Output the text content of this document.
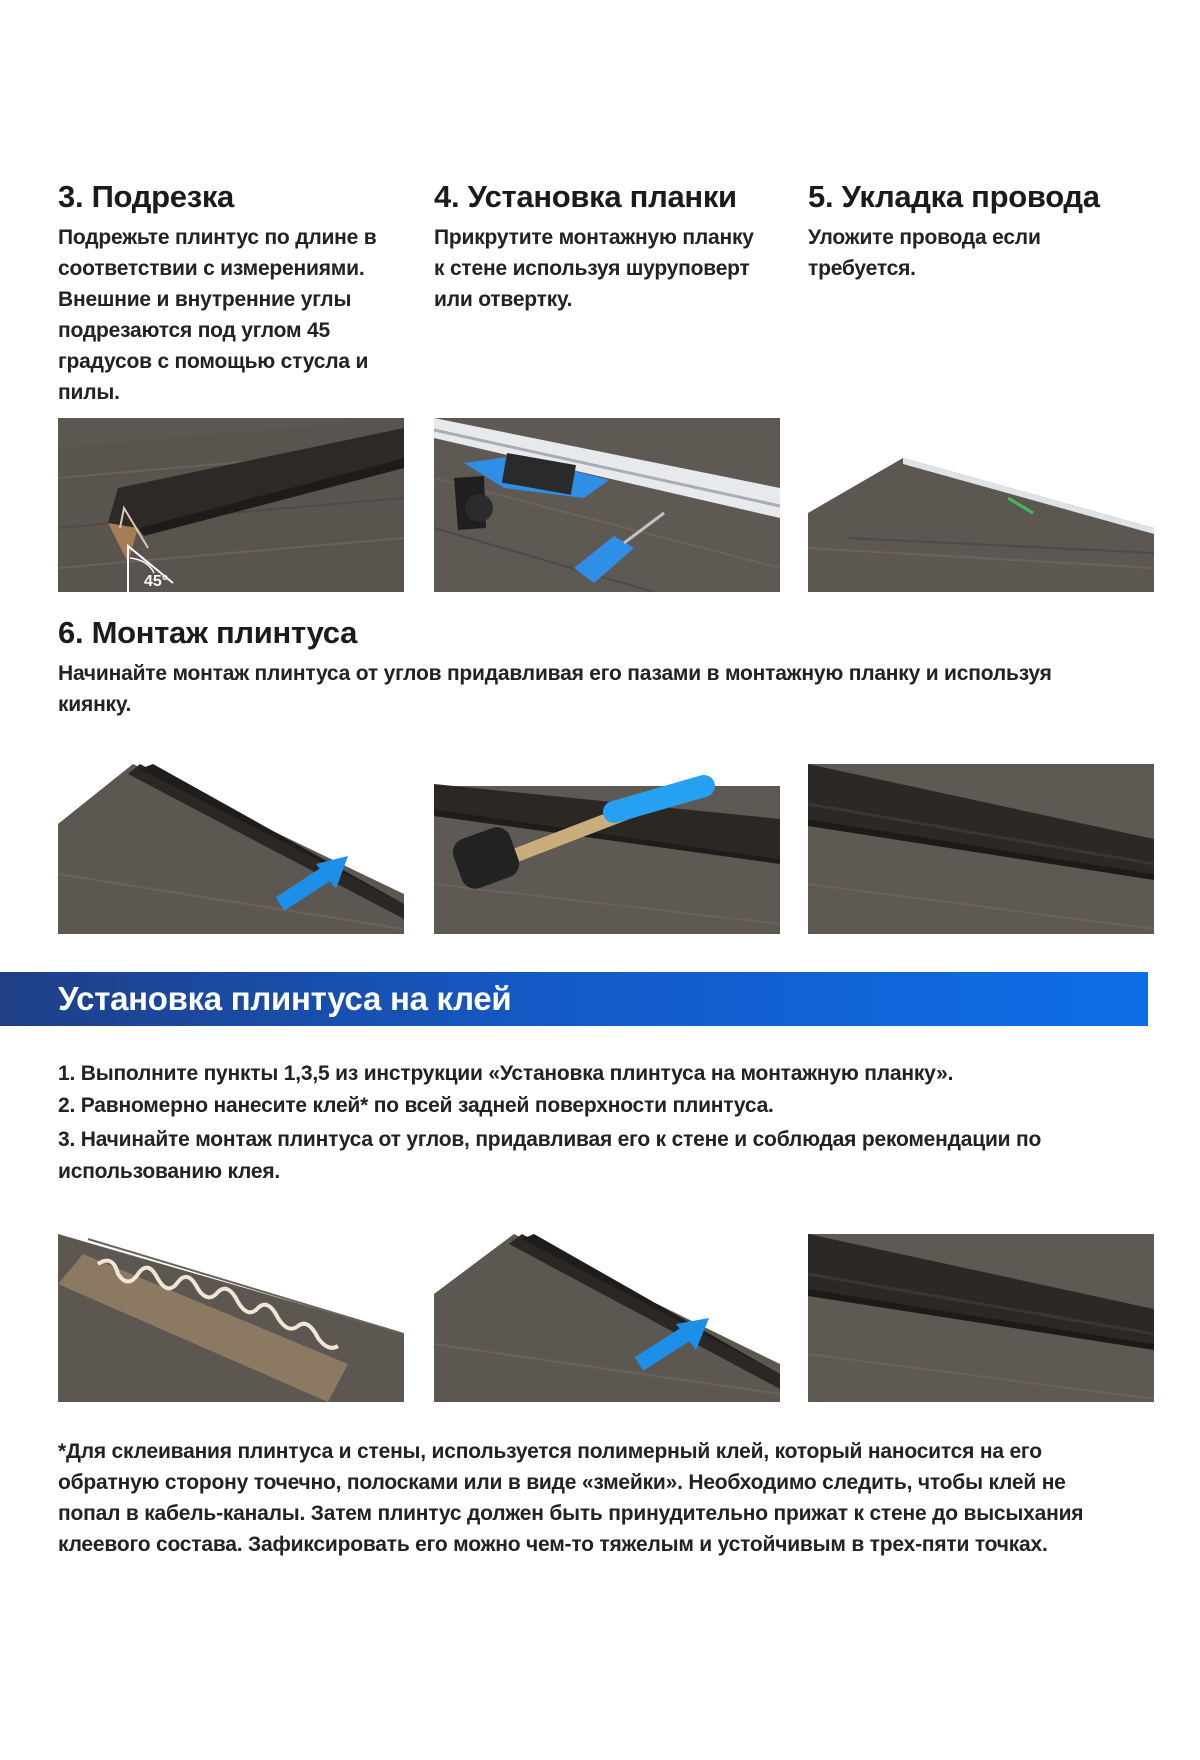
3. Подрезка

Подрежьте плинтус по длине в соответствии с измерениями. Внешние и внутренние углы подрезаются под углом 45 градусов с помощью стусла и пилы.

4. Установка планки

Прикрутите монтажную планку к стене используя шуруповерт или отвертку.

5. Укладка провода

Уложите провода если требуется.

45°
6. Монтаж плинтуса

Начинайте монтаж плинтуса от углов придавливая его пазами в монтажную планку и используя киянку.

Установка плинтуса на клей

1. Выполните пункты 1,3,5 из инструкции «Установка плинтуса на монтажную планку».

2. Равномерно нанесите клей* по всей задней поверхности плинтуса.

3. Начинайте монтаж плинтуса от углов, придавливая его к стене и соблюдая рекомендации по использованию клея.

*Для склеивания плинтуса и стены, используется полимерный клей, который наносится на его обратную сторону точечно, полосками или в виде «змейки». Необходимо следить, чтобы клей не попал в кабель-каналы. Затем плинтус должен быть принудительно прижат к стене до высыхания клеевого состава. Зафиксировать его можно чем-то тяжелым и устойчивым в трех-пяти точках.
